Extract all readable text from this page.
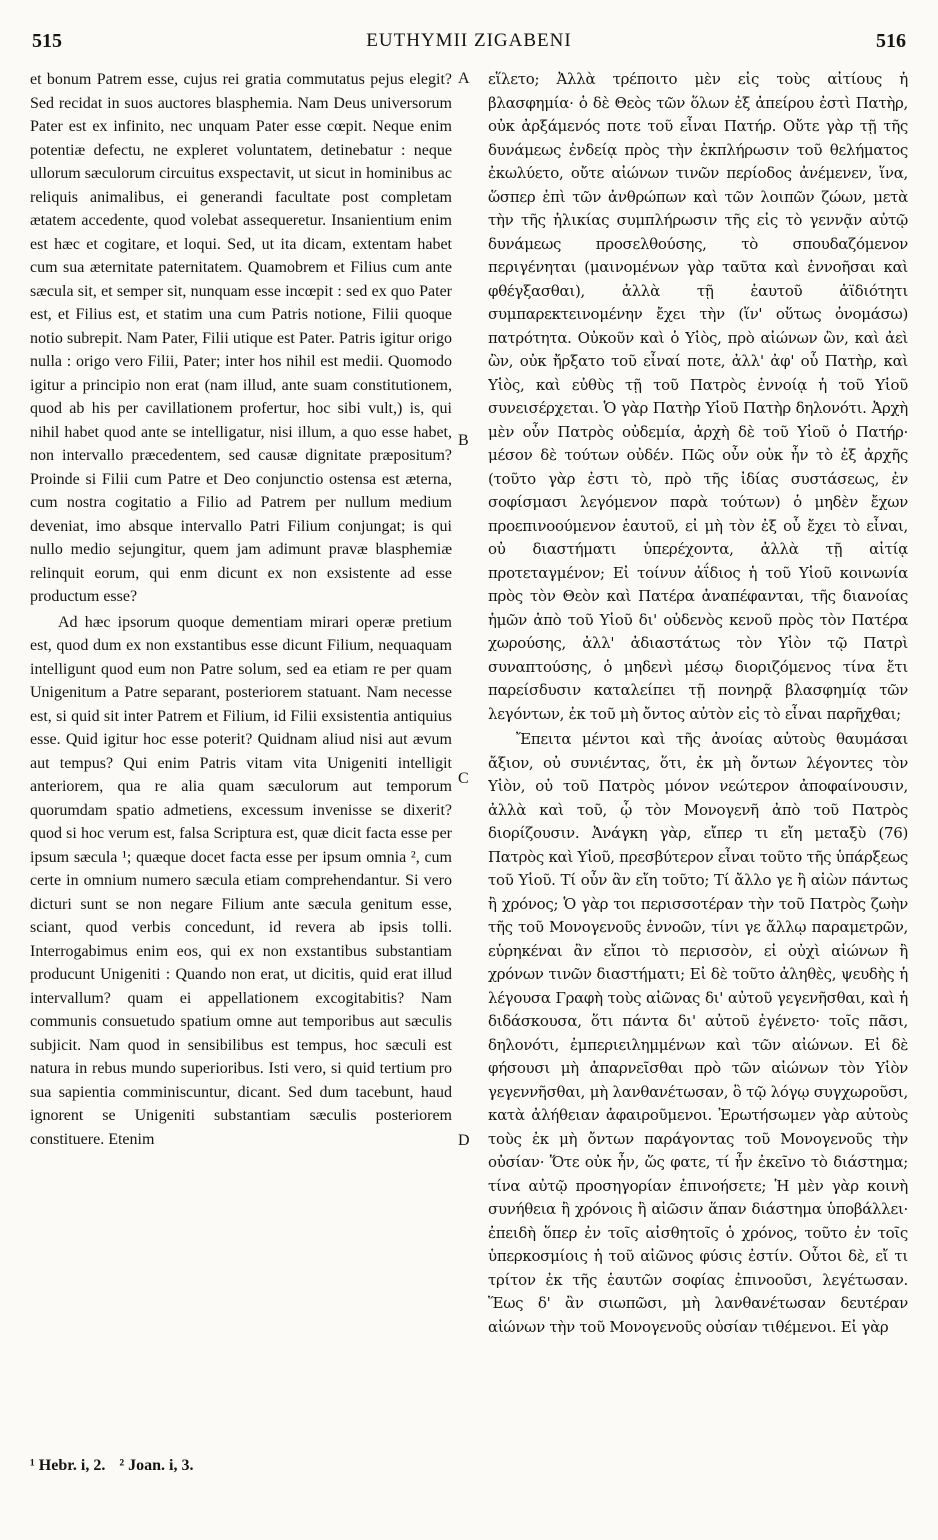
515	EUTHYMII ZIGABENI	516

et bonum Patrem esse, cujus rei gratia commutatus pejus elegit? Sed recidat in suos auctores blasphemia. Nam Deus universorum Pater est ex infinito, nec unquam Pater esse cœpit. Neque enim potentiæ defectu, ne expleret voluntatem, detinebatur : neque ullorum sæculorum circuitus exspectavit, ut sicut in hominibus ac reliquis animalibus, ei generandi facultate post completam ætatem accedente, quod volebat assequeretur. Insanientium enim est hæc et cogitare, et loqui. Sed, ut ita dicam, extentam habet cum sua æternitate paternitatem. Quamobrem et Filius cum ante sæcula sit, et semper sit, nunquam esse incœpit : sed ex quo Pater est, et Filius est, et statim una cum Patris notione, Filii quoque notio subrepit. Nam Pater, Filii utique est Pater. Patris igitur origo nulla : origo vero Filii, Pater; inter hos nihil est medii. Quomodo igitur a principio non erat (nam illud, ante suam constitutionem, quod ab his per cavillationem profertur, hoc sibi vult,) is, qui nihil habet quod ante se intelligatur, nisi illum, a quo esse habet, non intervallo præcedentem, sed causæ dignitate præpositum? Proinde si Filii cum Patre et Deo conjunctio ostensa est æterna, cum nostra cogitatio a Filio ad Patrem per nullum medium deveniat, imo absque intervallo Patri Filium conjungat; is qui nullo medio sejungitur, quem jam adimunt pravæ blasphemiæ relinquit eorum, qui enm dicunt ex non exsistente ad esse productum esse?

Ad hæc ipsorum quoque dementiam mirari operæ pretium est, quod dum ex non exstantibus esse dicunt Filium, nequaquam intelligunt quod eum non Patre solum, sed ea etiam re per quam Unigenitum a Patre separant, posteriorem statuant. Nam necesse est, si quid sit inter Patrem et Filium, id Filii exsistentia antiquius esse. Quid igitur hoc esse poterit? Quidnam aliud nisi aut ævum aut tempus? Qui enim Patris vitam vita Unigeniti intelligit anteriorem, qua re alia quam sæculorum aut temporum quorumdam spatio admetiens, excessum invenisse se dixerit? quod si hoc verum est, falsa Scriptura est, quæ dicit facta esse per ipsum sæcula ¹; quæque docet facta esse per ipsum omnia ², cum certe in omnium numero sæcula etiam comprehendantur. Si vero dicturi sunt se non negare Filium ante sæcula genitum esse, sciant, quod verbis concedunt, id revera ab ipsis tolli. Interrogabimus enim eos, qui ex non exstantibus substantiam producunt Unigeniti : Quando non erat, ut dicitis, quid erat illud intervallum? quam ei appellationem excogitabitis? Nam communis consuetudo spatium omne aut temporibus aut sæculis subjicit. Nam quod in sensibilibus est tempus, hoc sæculi est natura in rebus mundo superioribus. Isti vero, si quid tertium pro sua sapientia comminiscuntur, dicant. Sed dum tacebunt, haud ignorent se Unigeniti substantiam sæculis posteriorem constituere. Etenim

A
B
C
D

εἵλετο; Ἀλλὰ τρέποιτο μὲν εἰς τοὺς αἰτίους ἡ βλασφημία· ὁ δὲ Θεὸς τῶν ὅλων ἐξ ἀπείρου ἐστὶ Πατὴρ, οὐκ ἀρξάμενός ποτε τοῦ εἶναι Πατήρ. Οὔτε γὰρ τῇ τῆς δυνάμεως ἐνδείᾳ πρὸς τὴν ἐκπλήρωσιν τοῦ θελήματος ἐκωλύετο, οὔτε αἰώνων τινῶν περίοδος ἀνέμενεν, ἵνα, ὥσπερ ἐπὶ τῶν ἀνθρώπων καὶ τῶν λοιπῶν ζώων, μετὰ τὴν τῆς ἡλικίας συμπλήρωσιν τῆς εἰς τὸ γεννᾷν αὐτῷ δυνάμεως προσελθούσης, τὸ σπουδαζόμενον περιγένηται (μαινομένων γὰρ ταῦτα καὶ ἐννοῆσαι καὶ φθέγξασθαι), ἀλλὰ τῇ ἑαυτοῦ ἀϊδιότητι συμπαρεκτεινομένην ἔχει τὴν (ἵν' οὕτως ὀνομάσω) πατρότητα. Οὐκοῦν καὶ ὁ Υἱὸς, πρὸ αἰώνων ὢν, καὶ ἀεὶ ὢν, οὐκ ἤρξατο τοῦ εἶναί ποτε, ἀλλ' ἀφ' οὗ Πατὴρ, καὶ Υἱὸς, καὶ εὐθὺς τῇ τοῦ Πατρὸς ἐννοίᾳ ἡ τοῦ Υἱοῦ συνεισέρχεται. Ὁ γὰρ Πατὴρ Υἱοῦ Πατὴρ δηλονότι. Ἀρχὴ μὲν οὖν Πατρὸς οὐδεμία, ἀρχὴ δὲ τοῦ Υἱοῦ ὁ Πατήρ· μέσον δὲ τούτων οὐδέν. Πῶς οὖν οὐκ ἦν τὸ ἐξ ἀρχῆς (τοῦτο γὰρ ἐστι τὸ, πρὸ τῆς ἰδίας συστάσεως, ἐν σοφίσμασι λεγόμενον παρὰ τούτων) ὁ μηδὲν ἔχων προεπινοούμενον ἑαυτοῦ, εἰ μὴ τὸν ἐξ οὗ ἔχει τὸ εἶναι, οὐ διαστήματι ὑπερέχοντα, ἀλλὰ τῇ αἰτίᾳ προτεταγμένον; Εἰ τοίνυν ἀΐδιος ἡ τοῦ Υἱοῦ κοινωνία πρὸς τὸν Θεὸν καὶ Πατέρα ἀναπέφανται, τῆς διανοίας ἡμῶν ἀπὸ τοῦ Υἱοῦ δι' οὐδενὸς κενοῦ πρὸς τὸν Πατέρα χωρούσης, ἀλλ' ἀδιαστάτως τὸν Υἱὸν τῷ Πατρὶ συναπτούσης, ὁ μηδενὶ μέσῳ διοριζόμενος τίνα ἔτι παρείσδυσιν καταλείπει τῇ πονηρᾷ βλασφημίᾳ τῶν λεγόντων, ἐκ τοῦ μὴ ὄντος αὐτὸν εἰς τὸ εἶναι παρῆχθαι;

Ἔπειτα μέντοι καὶ τῆς ἀνοίας αὐτοὺς θαυμάσαι ἄξιον, οὐ συνιέντας, ὅτι, ἐκ μὴ ὄντων λέγοντες τὸν Υἱὸν, οὐ τοῦ Πατρὸς μόνον νεώτερον ἀποφαίνουσιν, ἀλλὰ καὶ τοῦ, ᾧ τὸν Μονογενῆ ἀπὸ τοῦ Πατρὸς διορίζουσιν. Ἀνάγκη γὰρ, εἴπερ τι εἴη μεταξὺ (76) Πατρὸς καὶ Υἱοῦ, πρεσβύτερον εἶναι τοῦτο τῆς ὑπάρξεως τοῦ Υἱοῦ. Τί οὖν ἂν εἴη τοῦτο; Τί ἄλλο γε ἢ αἰὼν πάντως ἢ χρόνος; Ὁ γὰρ τοι περισσοτέραν τὴν τοῦ Πατρὸς ζωὴν τῆς τοῦ Μονογενοῦς ἐννοῶν, τίνι γε ἄλλῳ παραμετρῶν, εὑρηκέναι ἂν εἴποι τὸ περισσὸν, εἰ οὐχὶ αἰώνων ἢ χρόνων τινῶν διαστήματι; Εἰ δὲ τοῦτο ἀληθὲς, ψευδὴς ἡ λέγουσα Γραφὴ τοὺς αἰῶνας δι' αὐτοῦ γεγενῆσθαι, καὶ ἡ διδάσκουσα, ὅτι πάντα δι' αὐτοῦ ἐγένετο· τοῖς πᾶσι, δηλονότι, ἐμπεριειλημμένων καὶ τῶν αἰώνων. Εἰ δὲ φήσουσι μὴ ἀπαρνεῖσθαι πρὸ τῶν αἰώνων τὸν Υἱὸν γεγεννῆσθαι, μὴ λανθανέτωσαν, ὃ τῷ λόγῳ συγχωροῦσι, κατὰ ἀλήθειαν ἀφαιροῦμενοι. Ἐρωτήσωμεν γὰρ αὐτοὺς τοὺς ἐκ μὴ ὄντων παράγοντας τοῦ Μονογενοῦς τὴν οὐσίαν· Ὅτε οὐκ ἦν, ὥς φατε, τί ἦν ἐκεῖνο τὸ διάστημα; τίνα αὐτῷ προσηγορίαν ἐπινοήσετε; Ἡ μὲν γὰρ κοινὴ συνήθεια ἢ χρόνοις ἢ αἰῶσιν ἅπαν διάστημα ὑποβάλλει· ἐπειδὴ ὅπερ ἐν τοῖς αἰσθητοῖς ὁ χρόνος, τοῦτο ἐν τοῖς ὑπερκοσμίοις ἡ τοῦ αἰῶνος φύσις ἐστίν. Οὗτοι δὲ, εἴ τι τρίτον ἐκ τῆς ἑαυτῶν σοφίας ἐπινοοῦσι, λεγέτωσαν. Ἕως δ' ἂν σιωπῶσι, μὴ λανθανέτωσαν δευτέραν αἰώνων τὴν τοῦ Μονογενοῦς οὐσίαν τιθέμενοι. Εἰ γὰρ

¹ Hebr. i, 2. ² Joan. i, 3.
